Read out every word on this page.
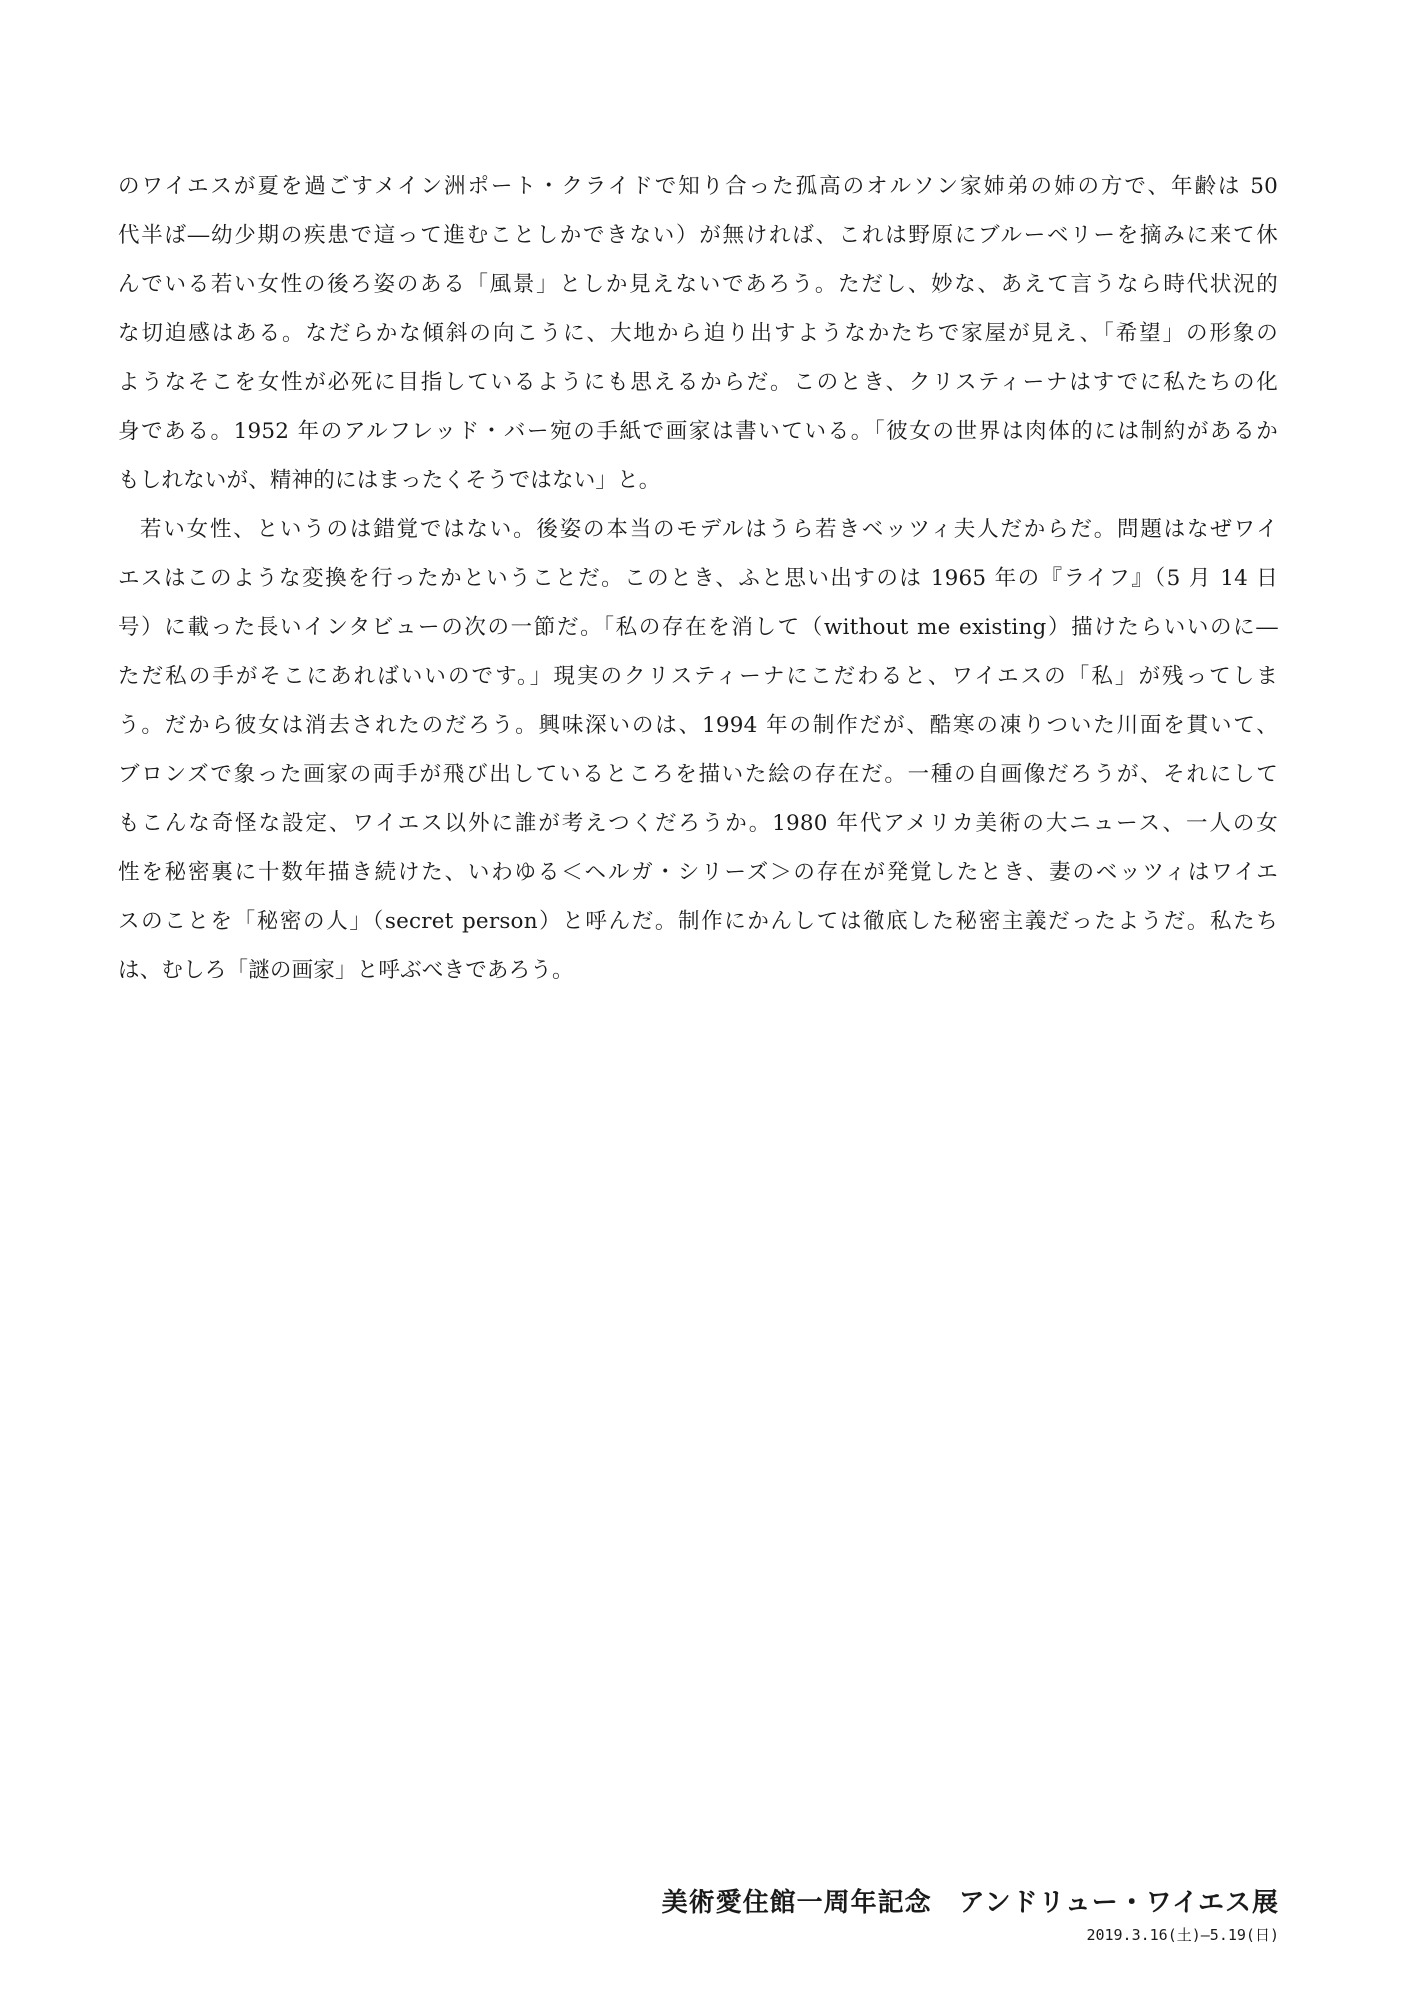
のワイエスが夏を過ごすメイン洲ポート・クライドで知り合った孤高のオルソン家姉弟の姉の方で、年齢は 50
代半ば―幼少期の疾患で這って進むことしかできない）が無ければ、これは野原にブルーベリーを摘みに来て休
んでいる若い女性の後ろ姿のある「風景」としか見えないであろう。ただし、妙な、あえて言うなら時代状況的
な切迫感はある。なだらかな傾斜の向こうに、大地から迫り出すようなかたちで家屋が見え、「希望」の形象の
ようなそこを女性が必死に目指しているようにも思えるからだ。このとき、クリスティーナはすでに私たちの化
身である。1952 年のアルフレッド・バー宛の手紙で画家は書いている。「彼女の世界は肉体的には制約があるか
もしれないが、精神的にはまったくそうではない」と。
若い女性、というのは錯覚ではない。後姿の本当のモデルはうら若きベッツィ夫人だからだ。問題はなぜワイ
エスはこのような変換を行ったかということだ。このとき、ふと思い出すのは 1965 年の『ライフ』（5 月 14 日
号）に載った長いインタビューの次の一節だ。「私の存在を消して（without me existing）描けたらいいのに―
ただ私の手がそこにあればいいのです。」現実のクリスティーナにこだわると、ワイエスの「私」が残ってしま
う。だから彼女は消去されたのだろう。興味深いのは、1994 年の制作だが、酷寒の凍りついた川面を貫いて、
ブロンズで象った画家の両手が飛び出しているところを描いた絵の存在だ。一種の自画像だろうが、それにして
もこんな奇怪な設定、ワイエス以外に誰が考えつくだろうか。1980 年代アメリカ美術の大ニュース、一人の女
性を秘密裏に十数年描き続けた、いわゆる＜ヘルガ・シリーズ＞の存在が発覚したとき、妻のベッツィはワイエ
スのことを「秘密の人」（secret person）と呼んだ。制作にかんしては徹底した秘密主義だったようだ。私たち
は、むしろ「謎の画家」と呼ぶべきであろう。
美術愛住館一周年記念　アンドリュー・ワイエス展
2019.3.16(土)―5.19(日)
